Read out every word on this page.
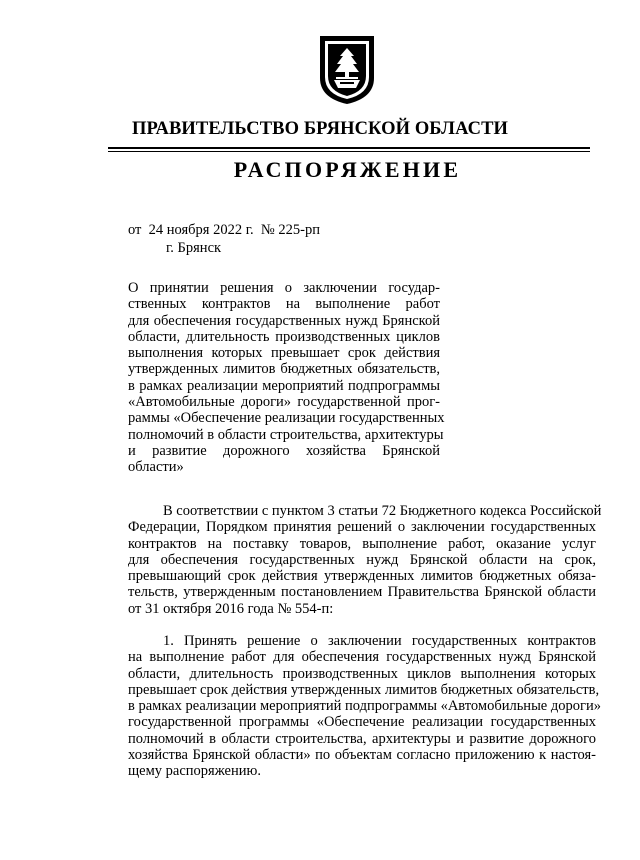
ПРАВИТЕЛЬСТВО БРЯНСКОЙ ОБЛАСТИ
РАСПОРЯЖЕНИЕ
от  24 ноября 2022 г.  № 225-рп
г. Брянск
О принятии решения о заключении государ-
ственных контрактов на выполнение работ
для обеспечения государственных нужд Брянской
области, длительность производственных циклов
выполнения которых превышает срок действия
утвержденных лимитов бюджетных обязательств,
в рамках реализации мероприятий подпрограммы
«Автомобильные дороги» государственной прог-
раммы «Обеспечение реализации государственных
полномочий в области строительства, архитектуры
и развитие дорожного хозяйства Брянской
области»
В соответствии с пунктом 3 статьи 72 Бюджетного кодекса Российской
Федерации, Порядком принятия решений о заключении государственных
контрактов на поставку товаров, выполнение работ, оказание услуг
для обеспечения государственных нужд Брянской области на срок,
превышающий срок действия утвержденных лимитов бюджетных обяза-
тельств, утвержденным постановлением Правительства Брянской области
от 31 октября 2016 года № 554-п:
1. Принять решение о заключении государственных контрактов
на выполнение работ для обеспечения государственных нужд Брянской
области, длительность производственных циклов выполнения которых
превышает срок действия утвержденных лимитов бюджетных обязательств,
в рамках реализации мероприятий подпрограммы «Автомобильные дороги»
государственной программы «Обеспечение реализации государственных
полномочий в области строительства, архитектуры и развитие дорожного
хозяйства Брянской области» по объектам согласно приложению к настоя-
щему распоряжению.
